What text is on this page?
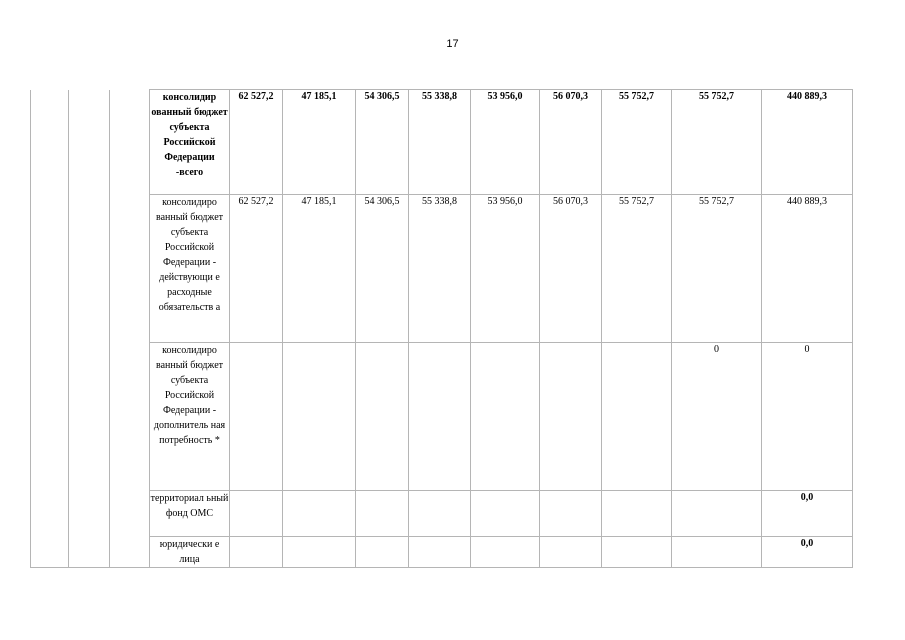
17
			консолидир ованный бюджет субъекта Российской Федерации -всего	62 527,2	47 185,1	54 306,5	55 338,8	53 956,0	56 070,3	55 752,7	55 752,7	440 889,3
			консолидиро ванный бюджет субъекта Российской Федерации - действующи е расходные обязательств а	62 527,2	47 185,1	54 306,5	55 338,8	53 956,0	56 070,3	55 752,7	55 752,7	440 889,3
			консолидиро ванный бюджет субъекта Российской Федерации - дополнитель ная потребность *								0	0
			территориал ьный фонд ОМС									0,0
			юридически е лица									0,0
